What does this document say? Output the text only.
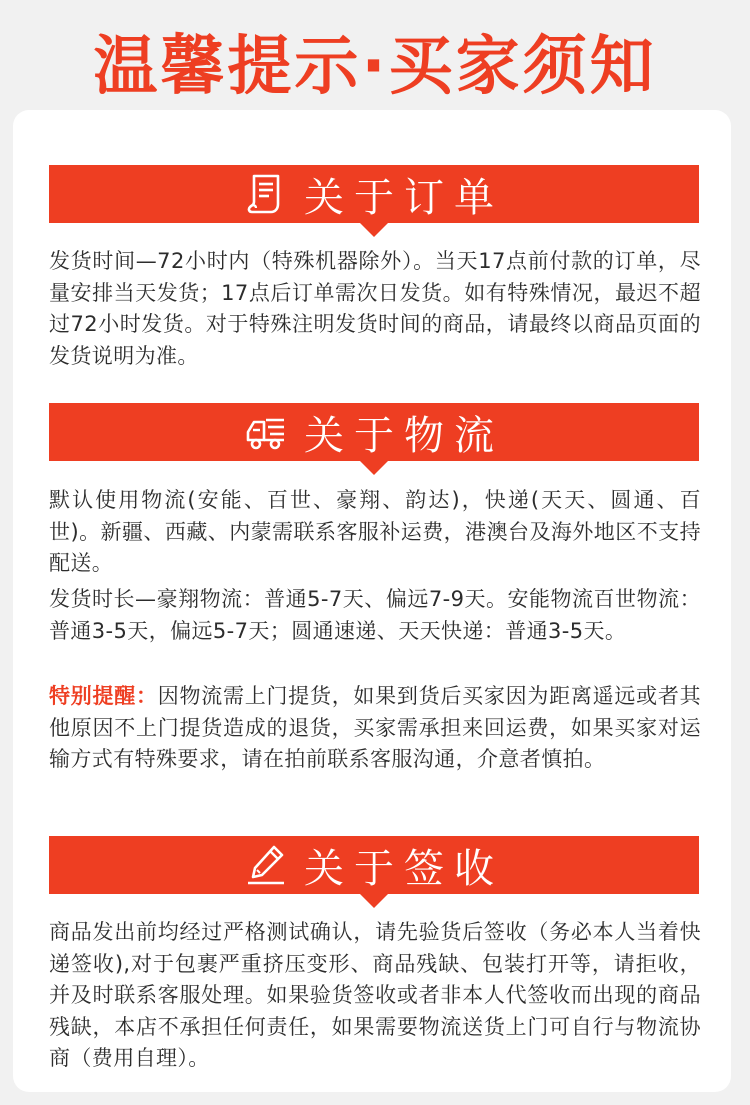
温馨提示·买家须知
关于订单
发货时间—72小时内（特殊机器除外）。当天17点前付款的订单，尽量安排当天发货；17点后订单需次日发货。如有特殊情况，最迟不超过72小时发货。对于特殊注明发货时间的商品，请最终以商品页面的发货说明为准。
关于物流
默认使用物流(安能、百世、豪翔、韵达)，快递(天天、圆通、百世)。新疆、西藏、内蒙需联系客服补运费，港澳台及海外地区不支持配送。
发货时长—豪翔物流：普通5-7天、偏远7-9天。安能物流百世物流：普通3-5天，偏远5-7天；圆通速递、天天快递：普通3-5天。
特别提醒：因物流需上门提货，如果到货后买家因为距离遥远或者其他原因不上门提货造成的退货，买家需承担来回运费，如果买家对运输方式有特殊要求，请在拍前联系客服沟通，介意者慎拍。
关于签收
商品发出前均经过严格测试确认，请先验货后签收（务必本人当着快递签收),对于包裹严重挤压变形、商品残缺、包装打开等，请拒收，并及时联系客服处理。如果验货签收或者非本人代签收而出现的商品残缺，本店不承担任何责任，如果需要物流送货上门可自行与物流协商（费用自理）。
